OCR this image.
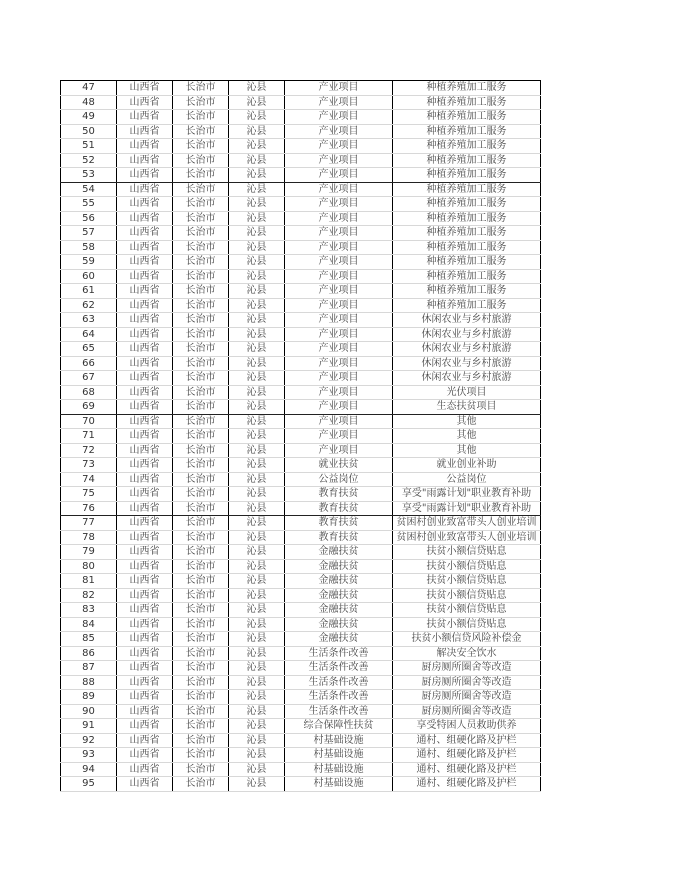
47	山西省	长治市	沁县	产业项目	种植养殖加工服务
48	山西省	长治市	沁县	产业项目	种植养殖加工服务
49	山西省	长治市	沁县	产业项目	种植养殖加工服务
50	山西省	长治市	沁县	产业项目	种植养殖加工服务
51	山西省	长治市	沁县	产业项目	种植养殖加工服务
52	山西省	长治市	沁县	产业项目	种植养殖加工服务
53	山西省	长治市	沁县	产业项目	种植养殖加工服务
54	山西省	长治市	沁县	产业项目	种植养殖加工服务
55	山西省	长治市	沁县	产业项目	种植养殖加工服务
56	山西省	长治市	沁县	产业项目	种植养殖加工服务
57	山西省	长治市	沁县	产业项目	种植养殖加工服务
58	山西省	长治市	沁县	产业项目	种植养殖加工服务
59	山西省	长治市	沁县	产业项目	种植养殖加工服务
60	山西省	长治市	沁县	产业项目	种植养殖加工服务
61	山西省	长治市	沁县	产业项目	种植养殖加工服务
62	山西省	长治市	沁县	产业项目	种植养殖加工服务
63	山西省	长治市	沁县	产业项目	休闲农业与乡村旅游
64	山西省	长治市	沁县	产业项目	休闲农业与乡村旅游
65	山西省	长治市	沁县	产业项目	休闲农业与乡村旅游
66	山西省	长治市	沁县	产业项目	休闲农业与乡村旅游
67	山西省	长治市	沁县	产业项目	休闲农业与乡村旅游
68	山西省	长治市	沁县	产业项目	光伏项目
69	山西省	长治市	沁县	产业项目	生态扶贫项目
70	山西省	长治市	沁县	产业项目	其他
71	山西省	长治市	沁县	产业项目	其他
72	山西省	长治市	沁县	产业项目	其他
73	山西省	长治市	沁县	就业扶贫	就业创业补助
74	山西省	长治市	沁县	公益岗位	公益岗位
75	山西省	长治市	沁县	教育扶贫	享受"雨露计划"职业教育补助
76	山西省	长治市	沁县	教育扶贫	享受"雨露计划"职业教育补助
77	山西省	长治市	沁县	教育扶贫	贫困村创业致富带头人创业培训
78	山西省	长治市	沁县	教育扶贫	贫困村创业致富带头人创业培训
79	山西省	长治市	沁县	金融扶贫	扶贫小额信贷贴息
80	山西省	长治市	沁县	金融扶贫	扶贫小额信贷贴息
81	山西省	长治市	沁县	金融扶贫	扶贫小额信贷贴息
82	山西省	长治市	沁县	金融扶贫	扶贫小额信贷贴息
83	山西省	长治市	沁县	金融扶贫	扶贫小额信贷贴息
84	山西省	长治市	沁县	金融扶贫	扶贫小额信贷贴息
85	山西省	长治市	沁县	金融扶贫	扶贫小额信贷风险补偿金
86	山西省	长治市	沁县	生活条件改善	解决安全饮水
87	山西省	长治市	沁县	生活条件改善	厨房厕所圈舍等改造
88	山西省	长治市	沁县	生活条件改善	厨房厕所圈舍等改造
89	山西省	长治市	沁县	生活条件改善	厨房厕所圈舍等改造
90	山西省	长治市	沁县	生活条件改善	厨房厕所圈舍等改造
91	山西省	长治市	沁县	综合保障性扶贫	享受特困人员救助供养
92	山西省	长治市	沁县	村基础设施	通村、组硬化路及护栏
93	山西省	长治市	沁县	村基础设施	通村、组硬化路及护栏
94	山西省	长治市	沁县	村基础设施	通村、组硬化路及护栏
95	山西省	长治市	沁县	村基础设施	通村、组硬化路及护栏
